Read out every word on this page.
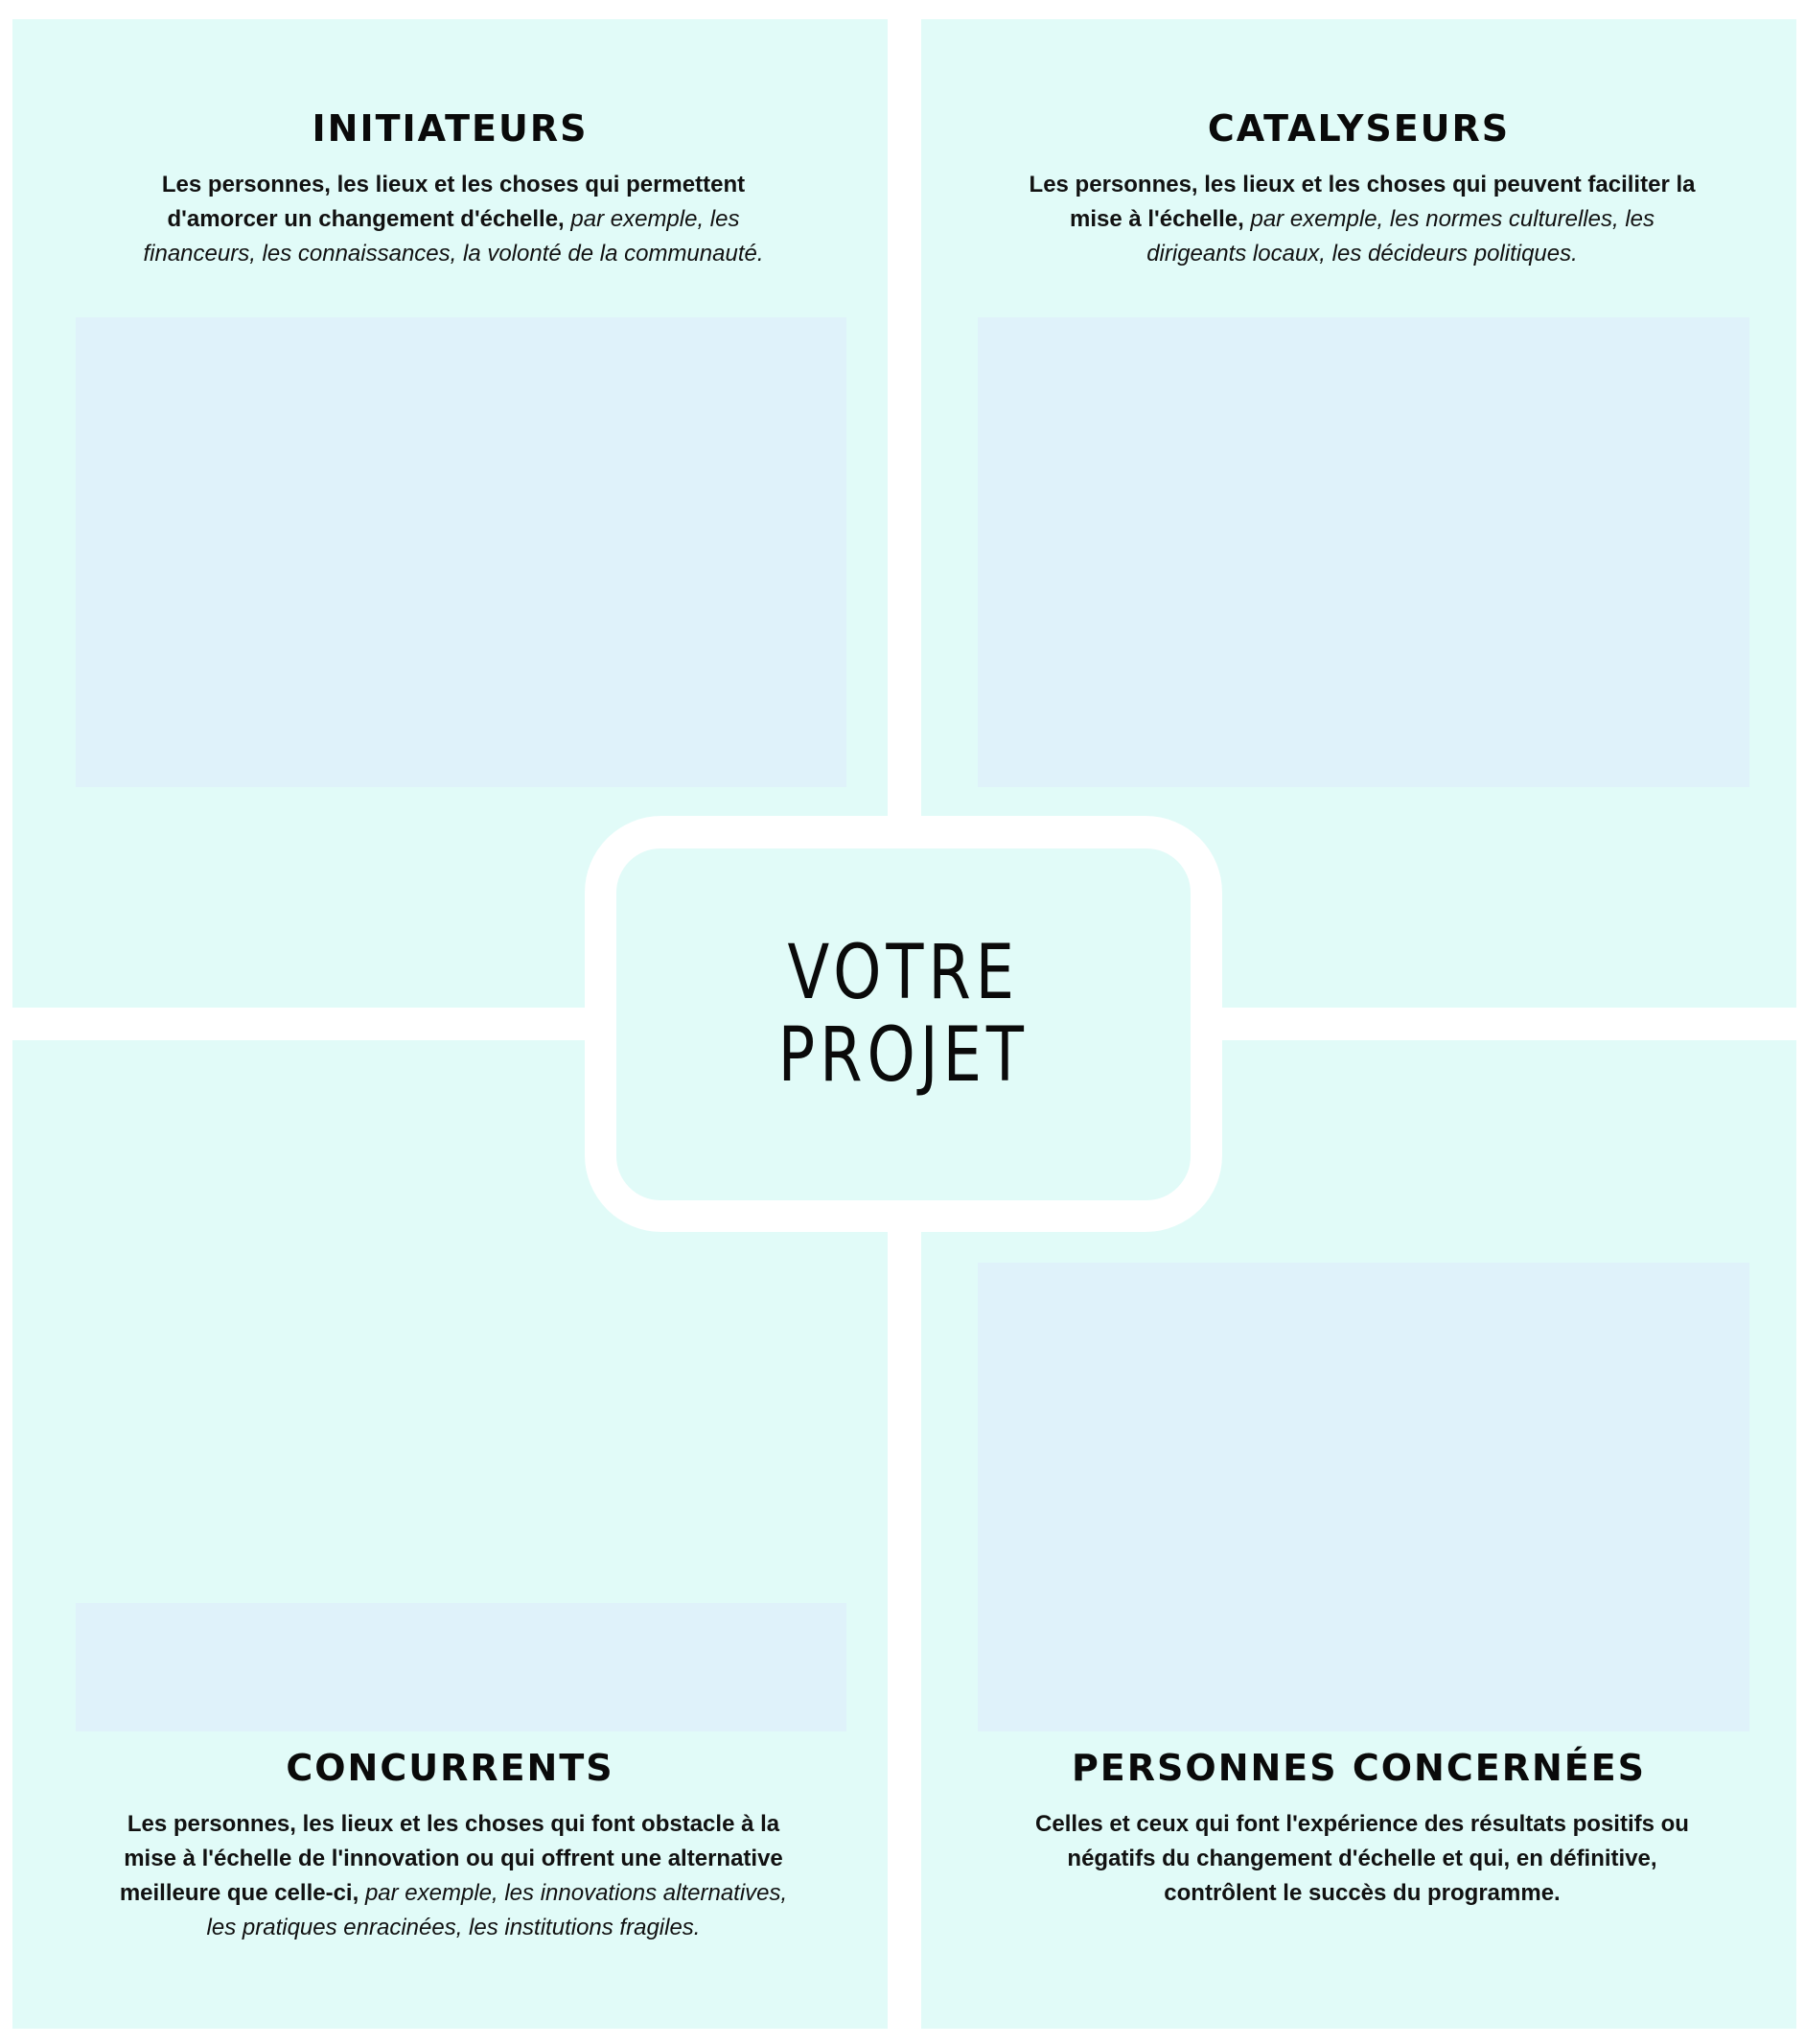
INITIATEURS

Les personnes, les lieux et les choses qui permettent d'amorcer un changement d'échelle, par exemple, les financeurs, les connaissances, la volonté de la communauté.

CATALYSEURS

Les personnes, les lieux et les choses qui peuvent faciliter la mise à l'échelle, par exemple, les normes culturelles, les dirigeants locaux, les décideurs politiques.

CONCURRENTS

Les personnes, les lieux et les choses qui font obstacle à la mise à l'échelle de l'innovation ou qui offrent une alternative meilleure que celle-ci, par exemple, les innovations alternatives, les pratiques enracinées, les institutions fragiles.

PERSONNES CONCERNÉES

Celles et ceux qui font l'expérience des résultats positifs ou négatifs du changement d'échelle et qui, en définitive, contrôlent le succès du programme.

VOTRE
PROJET
